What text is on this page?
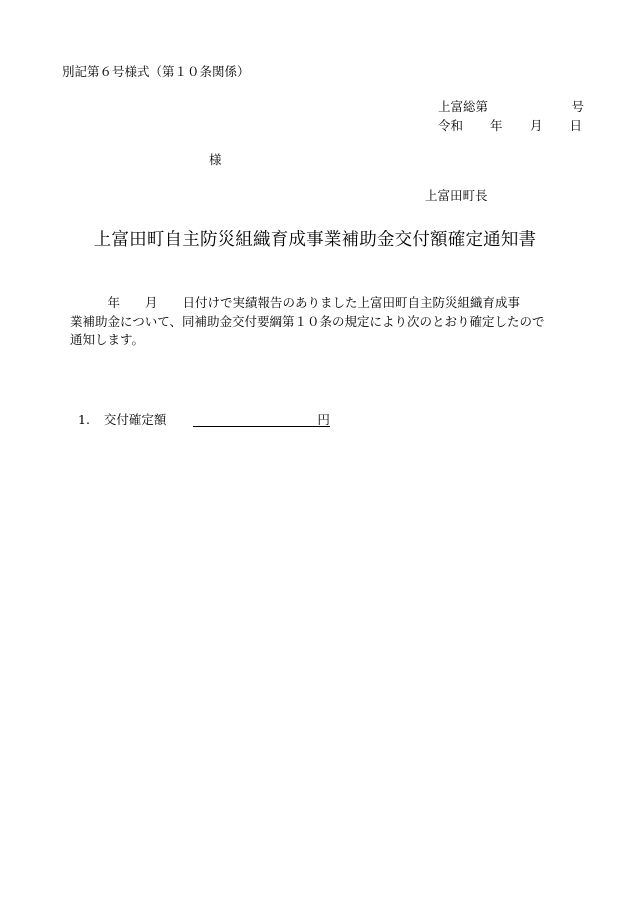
別記第６号様式（第１０条関係）
上富総第	号
令和 年 月 日
様
上富田町長
上富田町自主防災組織育成事業補助金交付額確定通知書
　　　年　　月　　日付けで実績報告のありました上富田町自主防災組織育成事
業補助金について、同補助金交付要綱第１０条の規定により次のとおり確定したので
通知します。
1. 交付確定額	円
